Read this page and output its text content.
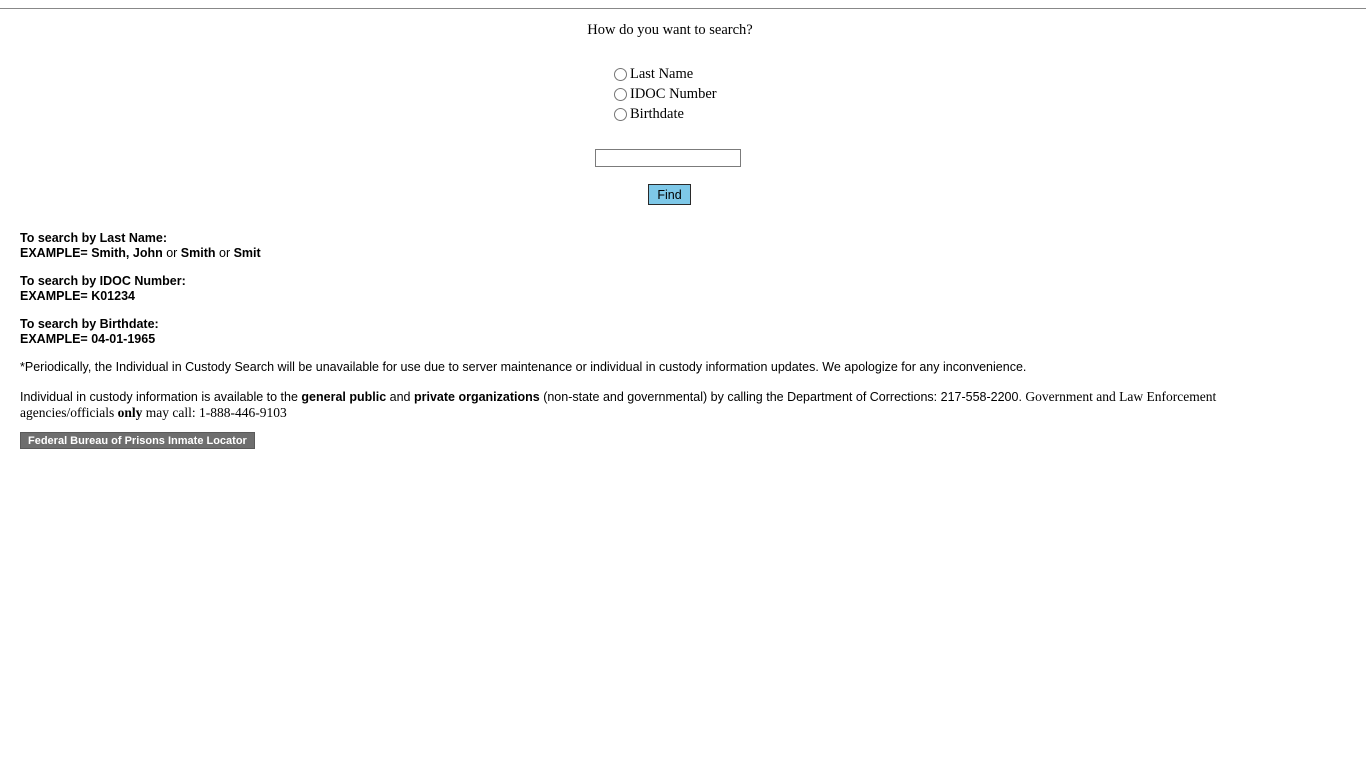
How do you want to search?
Last Name
IDOC Number
Birthdate
Find
To search by Last Name:
EXAMPLE= Smith, John or Smith or Smit
To search by IDOC Number:
EXAMPLE= K01234
To search by Birthdate:
EXAMPLE= 04-01-1965
*Periodically, the Individual in Custody Search will be unavailable for use due to server maintenance or individual in custody information updates. We apologize for any inconvenience.
Individual in custody information is available to the general public and private organizations (non-state and governmental) by calling the Department of Corrections: 217-558-2200. Government and Law Enforcement agencies/officials only may call: 1-888-446-9103
Federal Bureau of Prisons Inmate Locator
